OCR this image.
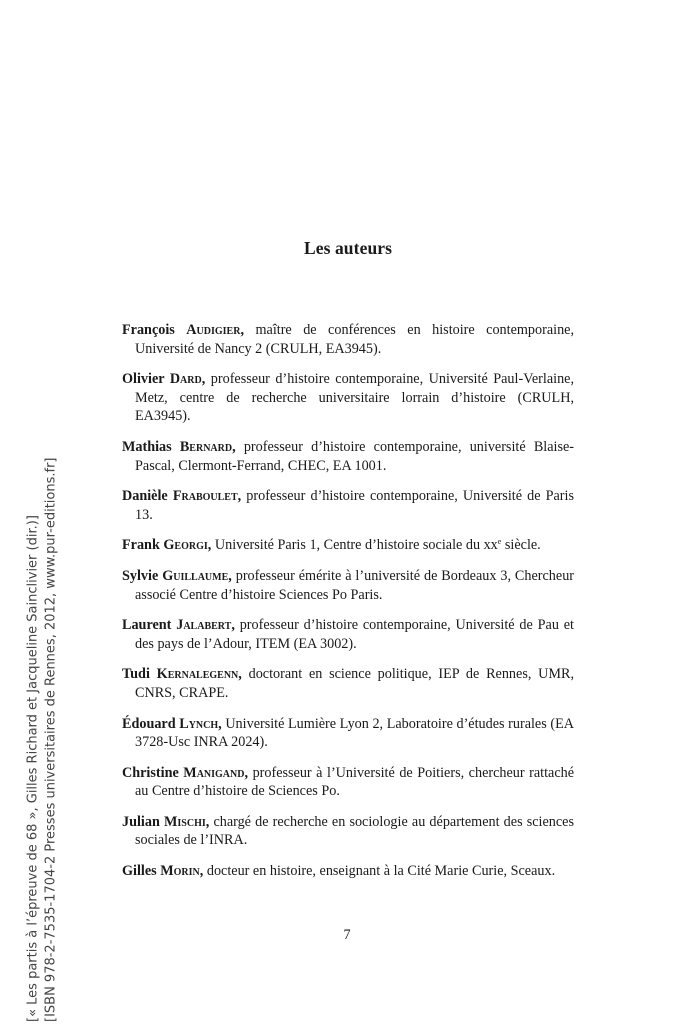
Les auteurs
François Audigier, maître de conférences en histoire contemporaine, Université de Nancy 2 (CRULH, EA3945).
Olivier Dard, professeur d’histoire contemporaine, Université Paul-Verlaine, Metz, centre de recherche universitaire lorrain d’histoire (CRULH, EA3945).
Mathias Bernard, professeur d’histoire contemporaine, université Blaise-Pascal, Clermont-Ferrand, CHEC, EA 1001.
Danièle Fraboulet, professeur d’histoire contemporaine, Université de Paris 13.
Frank Georgi, Université Paris 1, Centre d’histoire sociale du $xx^e$ siècle.
Sylvie Guillaume, professeur émérite à l’université de Bordeaux 3, Chercheur associé Centre d’histoire Sciences Po Paris.
Laurent Jalabert, professeur d’histoire contemporaine, Université de Pau et des pays de l’Adour, ITEM (EA 3002).
Tudi Kernalegenn, doctorant en science politique, IEP de Rennes, UMR, CNRS, CRAPE.
Édouard Lynch, Université Lumière Lyon 2, Laboratoire d’études rurales (EA 3728-Usc INRA 2024).
Christine Manigand, professeur à l’Université de Poitiers, chercheur rattaché au Centre d’histoire de Sciences Po.
Julian Mischi, chargé de recherche en sociologie au département des sciences sociales de l’INRA.
Gilles Morin, docteur en histoire, enseignant à la Cité Marie Curie, Sceaux.
7
[« Les partis à l’épreuve de 68 », Gilles Richard et Jacqueline Sainclivier (dir.)] [ISBN 978-2-7535-1704-2 Presses universitaires de Rennes, 2012, www.pur-editions.fr]
